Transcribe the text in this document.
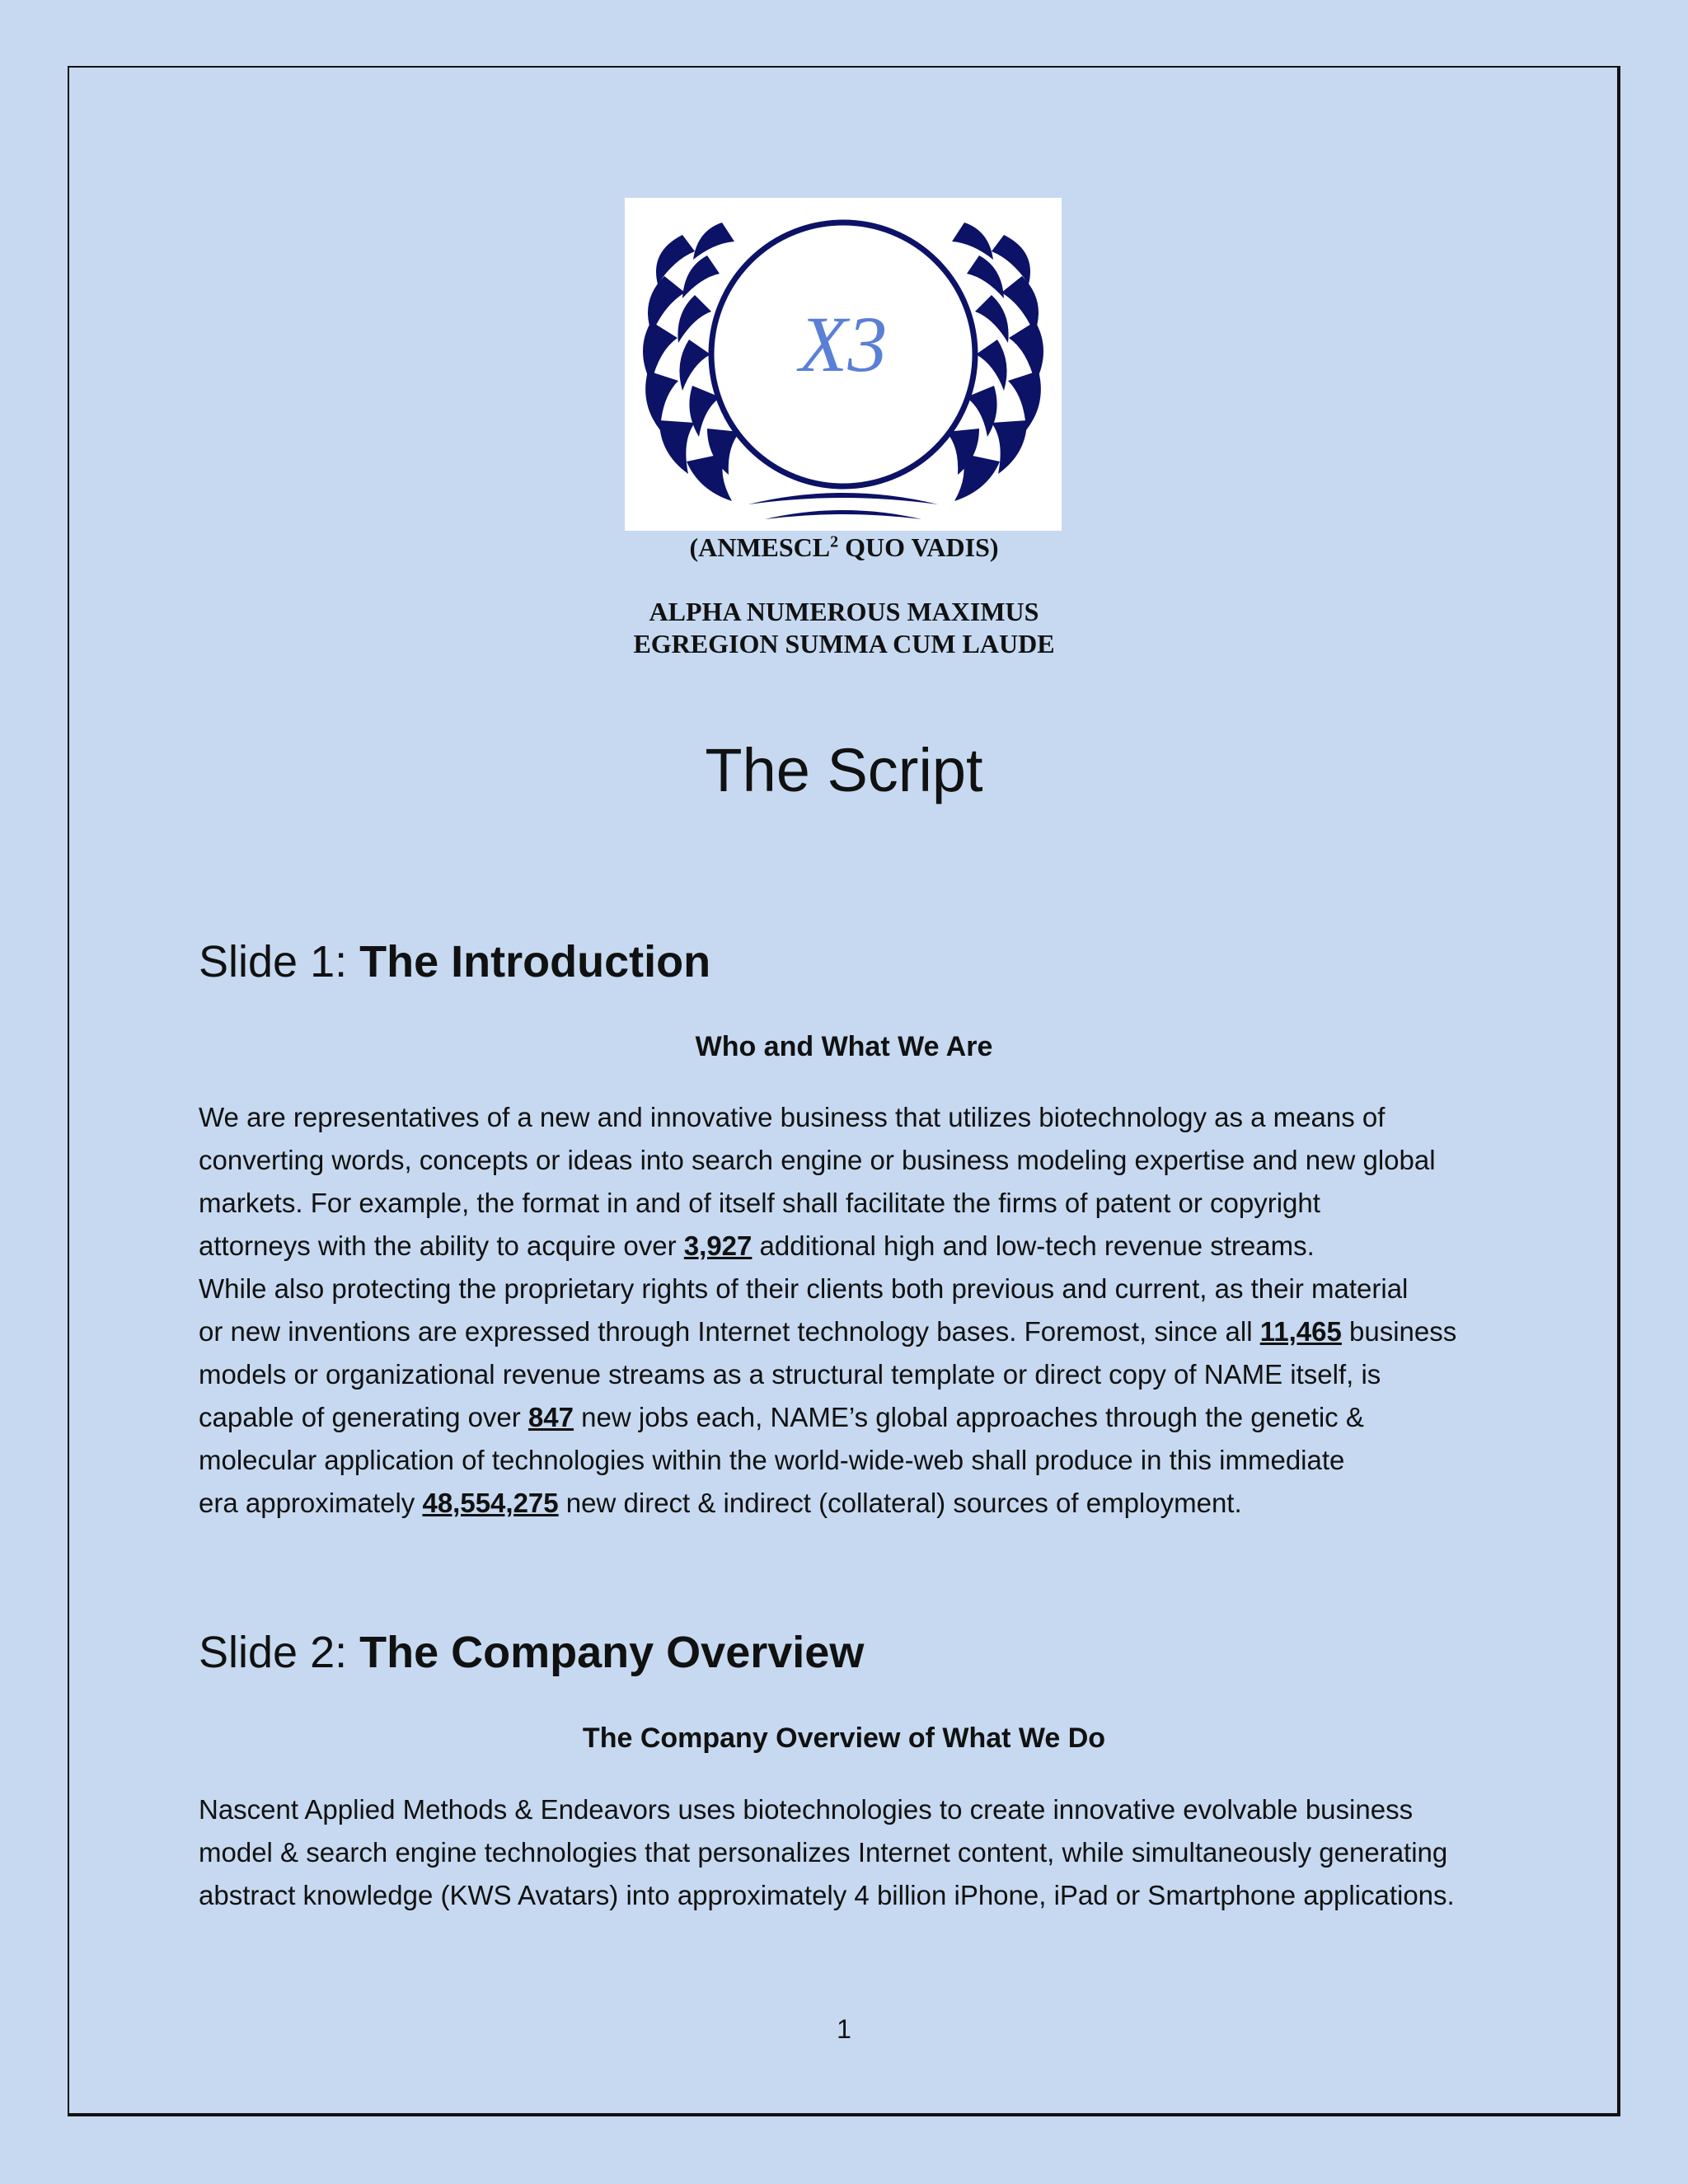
X3
(ANMESCL$^2$ QUO VADIS)
ALPHA NUMEROUS MAXIMUS
EGREGION SUMMA CUM LAUDE
The Script
Slide 1: The Introduction
Who and What We Are
We are representatives of a new and innovative business that utilizes biotechnology as a means of
converting words, concepts or ideas into search engine or business modeling expertise and new global
markets. For example, the format in and of itself shall facilitate the firms of patent or copyright
attorneys with the ability to acquire over 3,927 additional high and low-tech revenue streams.
While also protecting the proprietary rights of their clients both previous and current, as their material
or new inventions are expressed through Internet technology bases. Foremost, since all 11,465 business
models or organizational revenue streams as a structural template or direct copy of NAME itself, is
capable of generating over 847 new jobs each, NAME’s global approaches through the genetic &
molecular application of technologies within the world-wide-web shall produce in this immediate
era approximately 48,554,275 new direct & indirect (collateral) sources of employment.
Slide 2: The Company Overview
The Company Overview of What We Do
Nascent Applied Methods & Endeavors uses biotechnologies to create innovative evolvable business
model & search engine technologies that personalizes Internet content, while simultaneously generating
abstract knowledge (KWS Avatars) into approximately 4 billion iPhone, iPad or Smartphone applications.
1
